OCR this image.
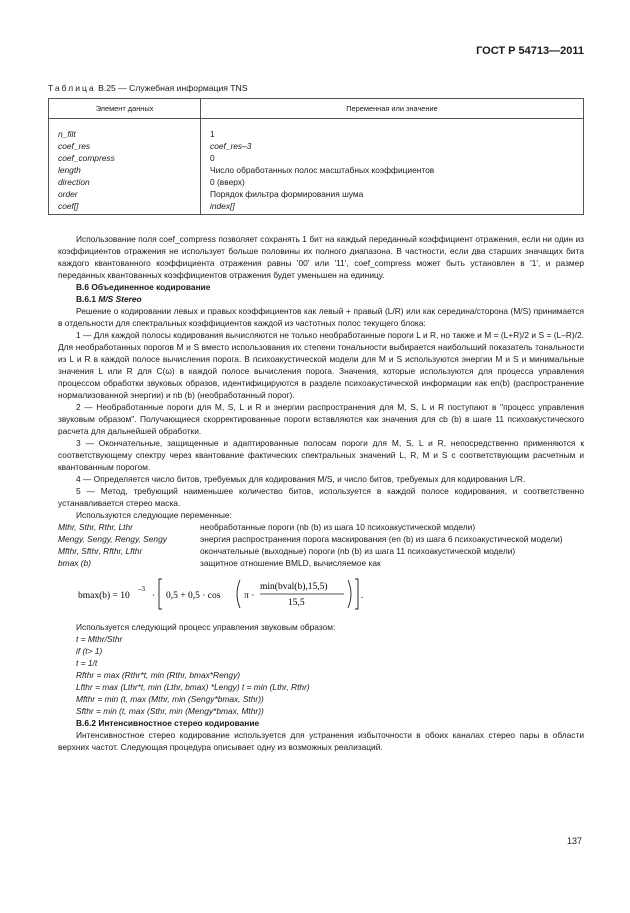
ГОСТ Р 54713—2011
Таблица В.25 — Служебная информация TNS
Элемент данных	Переменная или значение

n_filt	1
coef_res	coef_res–3
coef_compress	0
length	Число обработанных полос масштабных коэффициентов
direction	0 (вверх)
order	Порядок фильтра формирования шума
coef[]	index[]

Использование поля coef_compress позволяет сохранять 1 бит на каждый переданный коэффициент отражения, если ни один из коэффициентов отражения не использует больше половины их полного диапазона. В частности, если два старших значащих бита каждого квантованного коэффициента отражения равны '00' или '11', coef_compress может быть установлен в '1', и размер переданных квантованных коэффициентов отражения будет уменьшен на единицу.

В.6 Объединенное кодирование

В.6.1 M/S Stereo

Решение о кодировании левых и правых коэффициентов как левый + правый (L/R) или как середина/сторона (M/S) принимается в отдельности для спектральных коэффициентов каждой из частотных полос текущего блока:

1 — Для каждой полосы кодирования вычисляются не только необработанные пороги L и R, но также и M = (L+R)/2 и S = (L–R)/2. Для необработанных порогов M и S вместо использования их степени тональности выбирается наибольший показатель тональности из L и R в каждой полосе вычисления порога. В психоакустической модели для M и S используются энергии M и S и минимальные значения L или R для C(ω) в каждой полосе вычисления порога. Значения, которые используются для процесса управления процессом обработки звуковых образов, идентифицируются в разделе психоакустической информации как en(b) (распространение нормализованной энергии) и nb (b) (необработанный порог).

2 — Необработанные пороги для M, S, L и R и энергии распространения для M, S, L и R поступают в "процесс управления звуковым образом". Получающиеся скорректированные пороги вставляются как значения для cb (b) в шаге 11 психоакустического расчета для дальнейшей обработки.

3 — Окончательные, защищенные и адаптированные полосам пороги для M, S, L и R, непосредственно применяются к соответствующему спектру через квантование фактических спектральных значений L, R, M и S с соответствующим расчетным и квантованным порогом.

4 — Определяется число битов, требуемых для кодирования M/S, и число битов, требуемых для кодирования L/R.

5 — Метод, требующий наименьшее количество битов, используется в каждой полосе кодирования, и соответственно устанавливается стерео маска.

Используются следующие переменные:

Mthr, Sthr, Rthr, Lthr	необработанные пороги (nb (b) из шага 10 психоакустической модели)
Mengy, Sengy, Rengy, Sengy	энергия распространения порога маскирования (en (b) из шага 6 психоакустической модели)
Mfthr, Sfthr, Rfthr, Lfthr	окончательные (выходные) пороги (nb (b) из шага 11 психоакустической модели)
bmax (b)	защитное отношение BMLD, вычисляемое как
bmax(b) = 10
–3
· 0,5 + 0,5 · cos π ·
min(bval(b),15,5)
15,5
.

Используется следующий процесс управления звуковым образом:

t = Mthr/Sthr
if (t> 1)
t = 1/t
Rfthr = max (Rthr*t, min (Rthr, bmax*Rengy)
Lfthr = max (Lthr*t, min (Lthr, bmax) *Lengy) t = min (Lthr, Rthr)
Mfthr = min (t, max (Mthr, min (Sengy*bmax, Sthr))
Sfthr = min (t, max (Sthr, min (Mengy*bmax, Mthr))

В.6.2 Интенсивностное стерео кодирование

Интенсивностное стерео кодирование используется для устранения избыточности в обоих каналах стерео пары в области верхних частот. Следующая процедура описывает одну из возможных реализаций.

137
